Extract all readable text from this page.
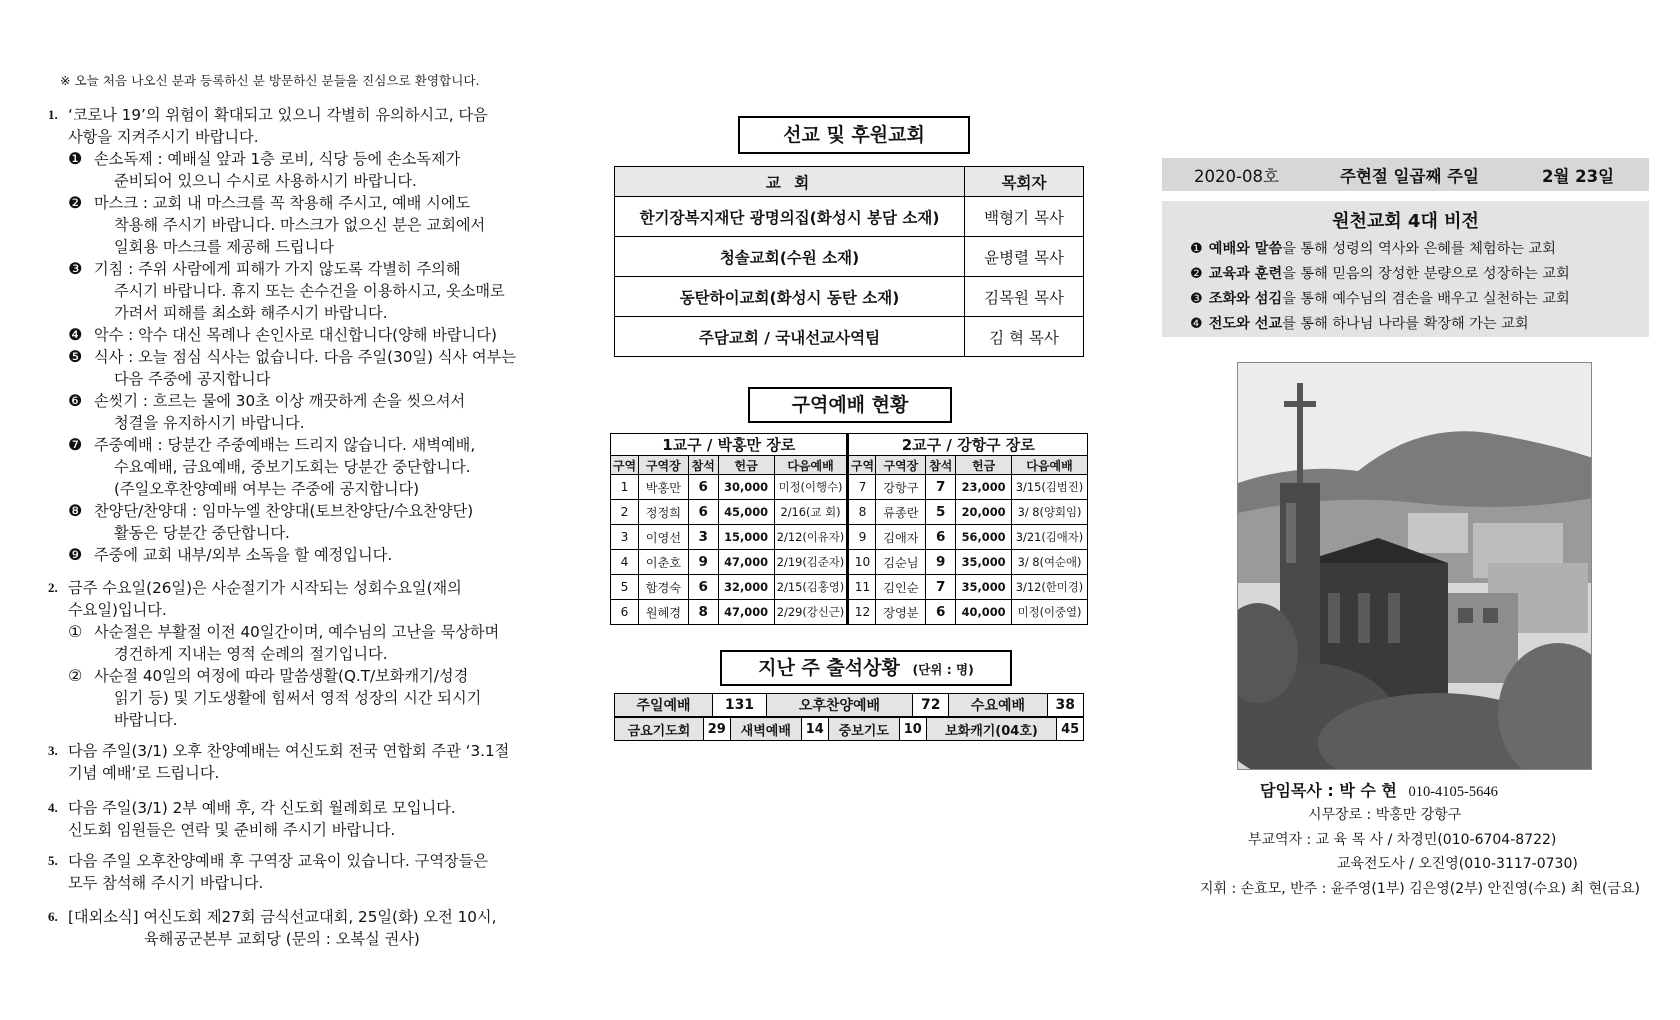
※ 오늘 처음 나오신 분과 등록하신 분 방문하신 분들을 진심으로 환영합니다.
1. ‘코로나 19’의 위험이 확대되고 있으니 각별히 유의하시고, 다음
사항을 지켜주시기 바랍니다.
❶ 손소독제 : 예배실 앞과 1층 로비, 식당 등에 손소독제가
준비되어 있으니 수시로 사용하시기 바랍니다.
❷ 마스크 : 교회 내 마스크를 꼭 착용해 주시고, 예배 시에도
착용해 주시기 바랍니다. 마스크가 없으신 분은 교회에서
일회용 마스크를 제공해 드립니다
❸ 기침 : 주위 사람에게 피해가 가지 않도록 각별히 주의해
주시기 바랍니다. 휴지 또는 손수건을 이용하시고, 옷소매로
가려서 피해를 최소화 해주시기 바랍니다.
❹ 악수 : 악수 대신 목례나 손인사로 대신합니다(양해 바랍니다)
❺ 식사 : 오늘 점심 식사는 없습니다. 다음 주일(30일) 식사 여부는
다음 주중에 공지합니다
❻ 손씻기 : 흐르는 물에 30초 이상 깨끗하게 손을 씻으셔서
청결을 유지하시기 바랍니다.
❼ 주중예배 : 당분간 주중예배는 드리지 않습니다. 새벽예배,
수요예배, 금요예배, 중보기도회는 당분간 중단합니다.
(주일오후찬양예배 여부는 주중에 공지합니다)
❽ 찬양단/찬양대 : 임마누엘 찬양대(토브찬양단/수요찬양단)
활동은 당분간 중단합니다.
❾ 주중에 교회 내부/외부 소독을 할 예정입니다.
2. 금주 수요일(26일)은 사순절기가 시작되는 성회수요일(재의
수요일)입니다.
① 사순절은 부활절 이전 40일간이며, 예수님의 고난을 묵상하며
경건하게 지내는 영적 순례의 절기입니다.
② 사순절 40일의 여정에 따라 말씀생활(Q.T/보화캐기/성경
읽기 등) 및 기도생활에 힘써서 영적 성장의 시간 되시기
바랍니다.
3. 다음 주일(3/1) 오후 찬양예배는 여신도회 전국 연합회 주관 ‘3.1절
기념 예배’로 드립니다.
4. 다음 주일(3/1) 2부 예배 후, 각 신도회 월례회로 모입니다.
신도회 임원들은 연락 및 준비해 주시기 바랍니다.
5. 다음 주일 오후찬양예배 후 구역장 교육이 있습니다. 구역장들은
모두 참석해 주시기 바랍니다.
6. [대외소식] 여신도회 제27회 금식선교대회, 25일(화) 오전 10시,
육해공군본부 교회당 (문의 : 오복실 권사)
선교 및 후원교회
교 회	목회자
한기장복지재단 광명의집(화성시 봉담 소재)	백형기 목사
청솔교회(수원 소재)	윤병렬 목사
동탄하이교회(화성시 동탄 소재)	김목원 목사
주담교회 / 국내선교사역팀	김 혁 목사
구역예배 현황
1교구 / 박홍만 장로					2교구 / 강항구 장로				
구역	구역장	참석	헌금	다음예배	구역	구역장	참석	헌금	다음예배
1	박홍만	6	30,000	미정(이행수)	7	강항구	7	23,000	3/15(김범진)
2	정정희	6	45,000	2/16(교 회)	8	류종란	5	20,000	3/ 8(양회임)
3	이영선	3	15,000	2/12(이유자)	9	김애자	6	56,000	3/21(김애자)
4	이춘호	9	47,000	2/19(김준자)	10	김순님	9	35,000	3/ 8(여순애)
5	함경숙	6	32,000	2/15(김홍영)	11	김인순	7	35,000	3/12(한미경)
6	원혜경	8	47,000	2/29(강신근)	12	장영분	6	40,000	미정(이중열)
지난 주 출석상황 (단위 : 명)
주일예배	131	오후찬양예배	72	수요예배	38
금요기도회	29	새벽예배	14	중보기도	10	보화캐기(04호)	45
2020-08호	주현절 일곱째 주일	2월 23일
원천교회 4대 비전
❶ 예배와 말씀을 통해 성령의 역사와 은혜를 체험하는 교회
❷ 교육과 훈련을 통해 믿음의 장성한 분량으로 성장하는 교회
❸ 조화와 섬김을 통해 예수님의 겸손을 배우고 실천하는 교회
❹ 전도와 선교를 통해 하나님 나라를 확장해 가는 교회
담임목사 : 박 수 현 010-4105-5646
시무장로 : 박홍만 강항구
부교역자 : 교 육 목 사 / 차경민(010-6704-8722)
교육전도사 / 오진영(010-3117-0730)
지휘 : 손효모, 반주 : 윤주영(1부) 김은영(2부) 안진영(수요) 최 현(금요)
